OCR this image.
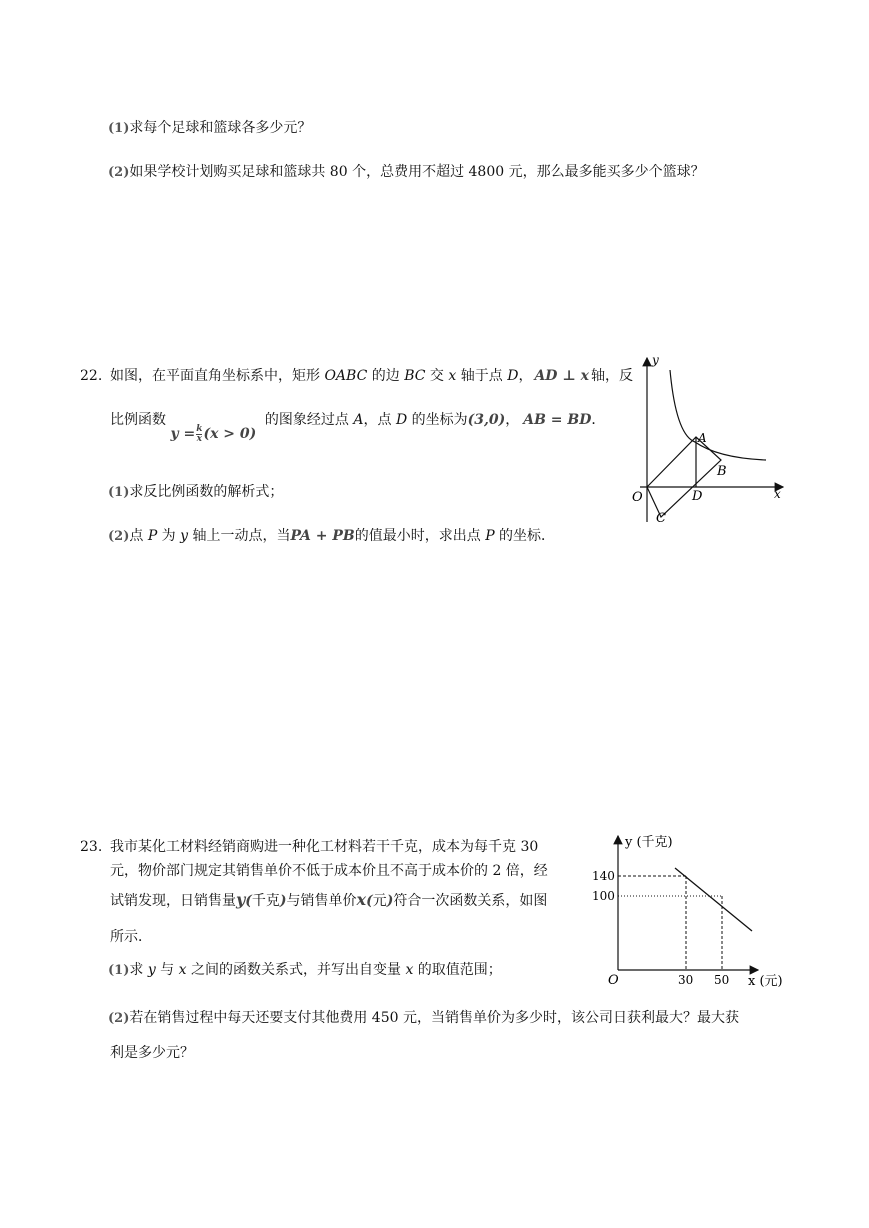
(1)求每个足球和篮球各多少元？
(2)如果学校计划购买足球和篮球共 80 个，总费用不超过 4800 元，那么最多能买多少个篮球？
22. 如图，在平面直角坐标系中，矩形 OABC 的边 BC 交 x 轴于点 D， AD ⊥ x 轴，反
比例函数 $y = \frac{k}{x} (x > 0)$ 的图象经过点 A，点 D 的坐标为(3,0)， AB = BD．
(1)求反比例函数的解析式；
(2)点 P 为 y 轴上一动点，当PA + PB的值最小时，求出点 P 的坐标．
y
x
O
A
B
C
D
23. 我市某化工材料经销商购进一种化工材料若干千克，成本为每千克 30
元，物价部门规定其销售单价不低于成本价且不高于成本价的 2 倍，经
试销发现，日销售量y(千克)与销售单价x(元)符合一次函数关系，如图
所示．
(1)求 y 与 x 之间的函数关系式，并写出自变量 x 的取值范围；
(2)若在销售过程中每天还要支付其他费用 450 元，当销售单价为多少时，该公司日获利最大？最大获
利是多少元？
y (千克)
x (元)
O
140
100
30 50
